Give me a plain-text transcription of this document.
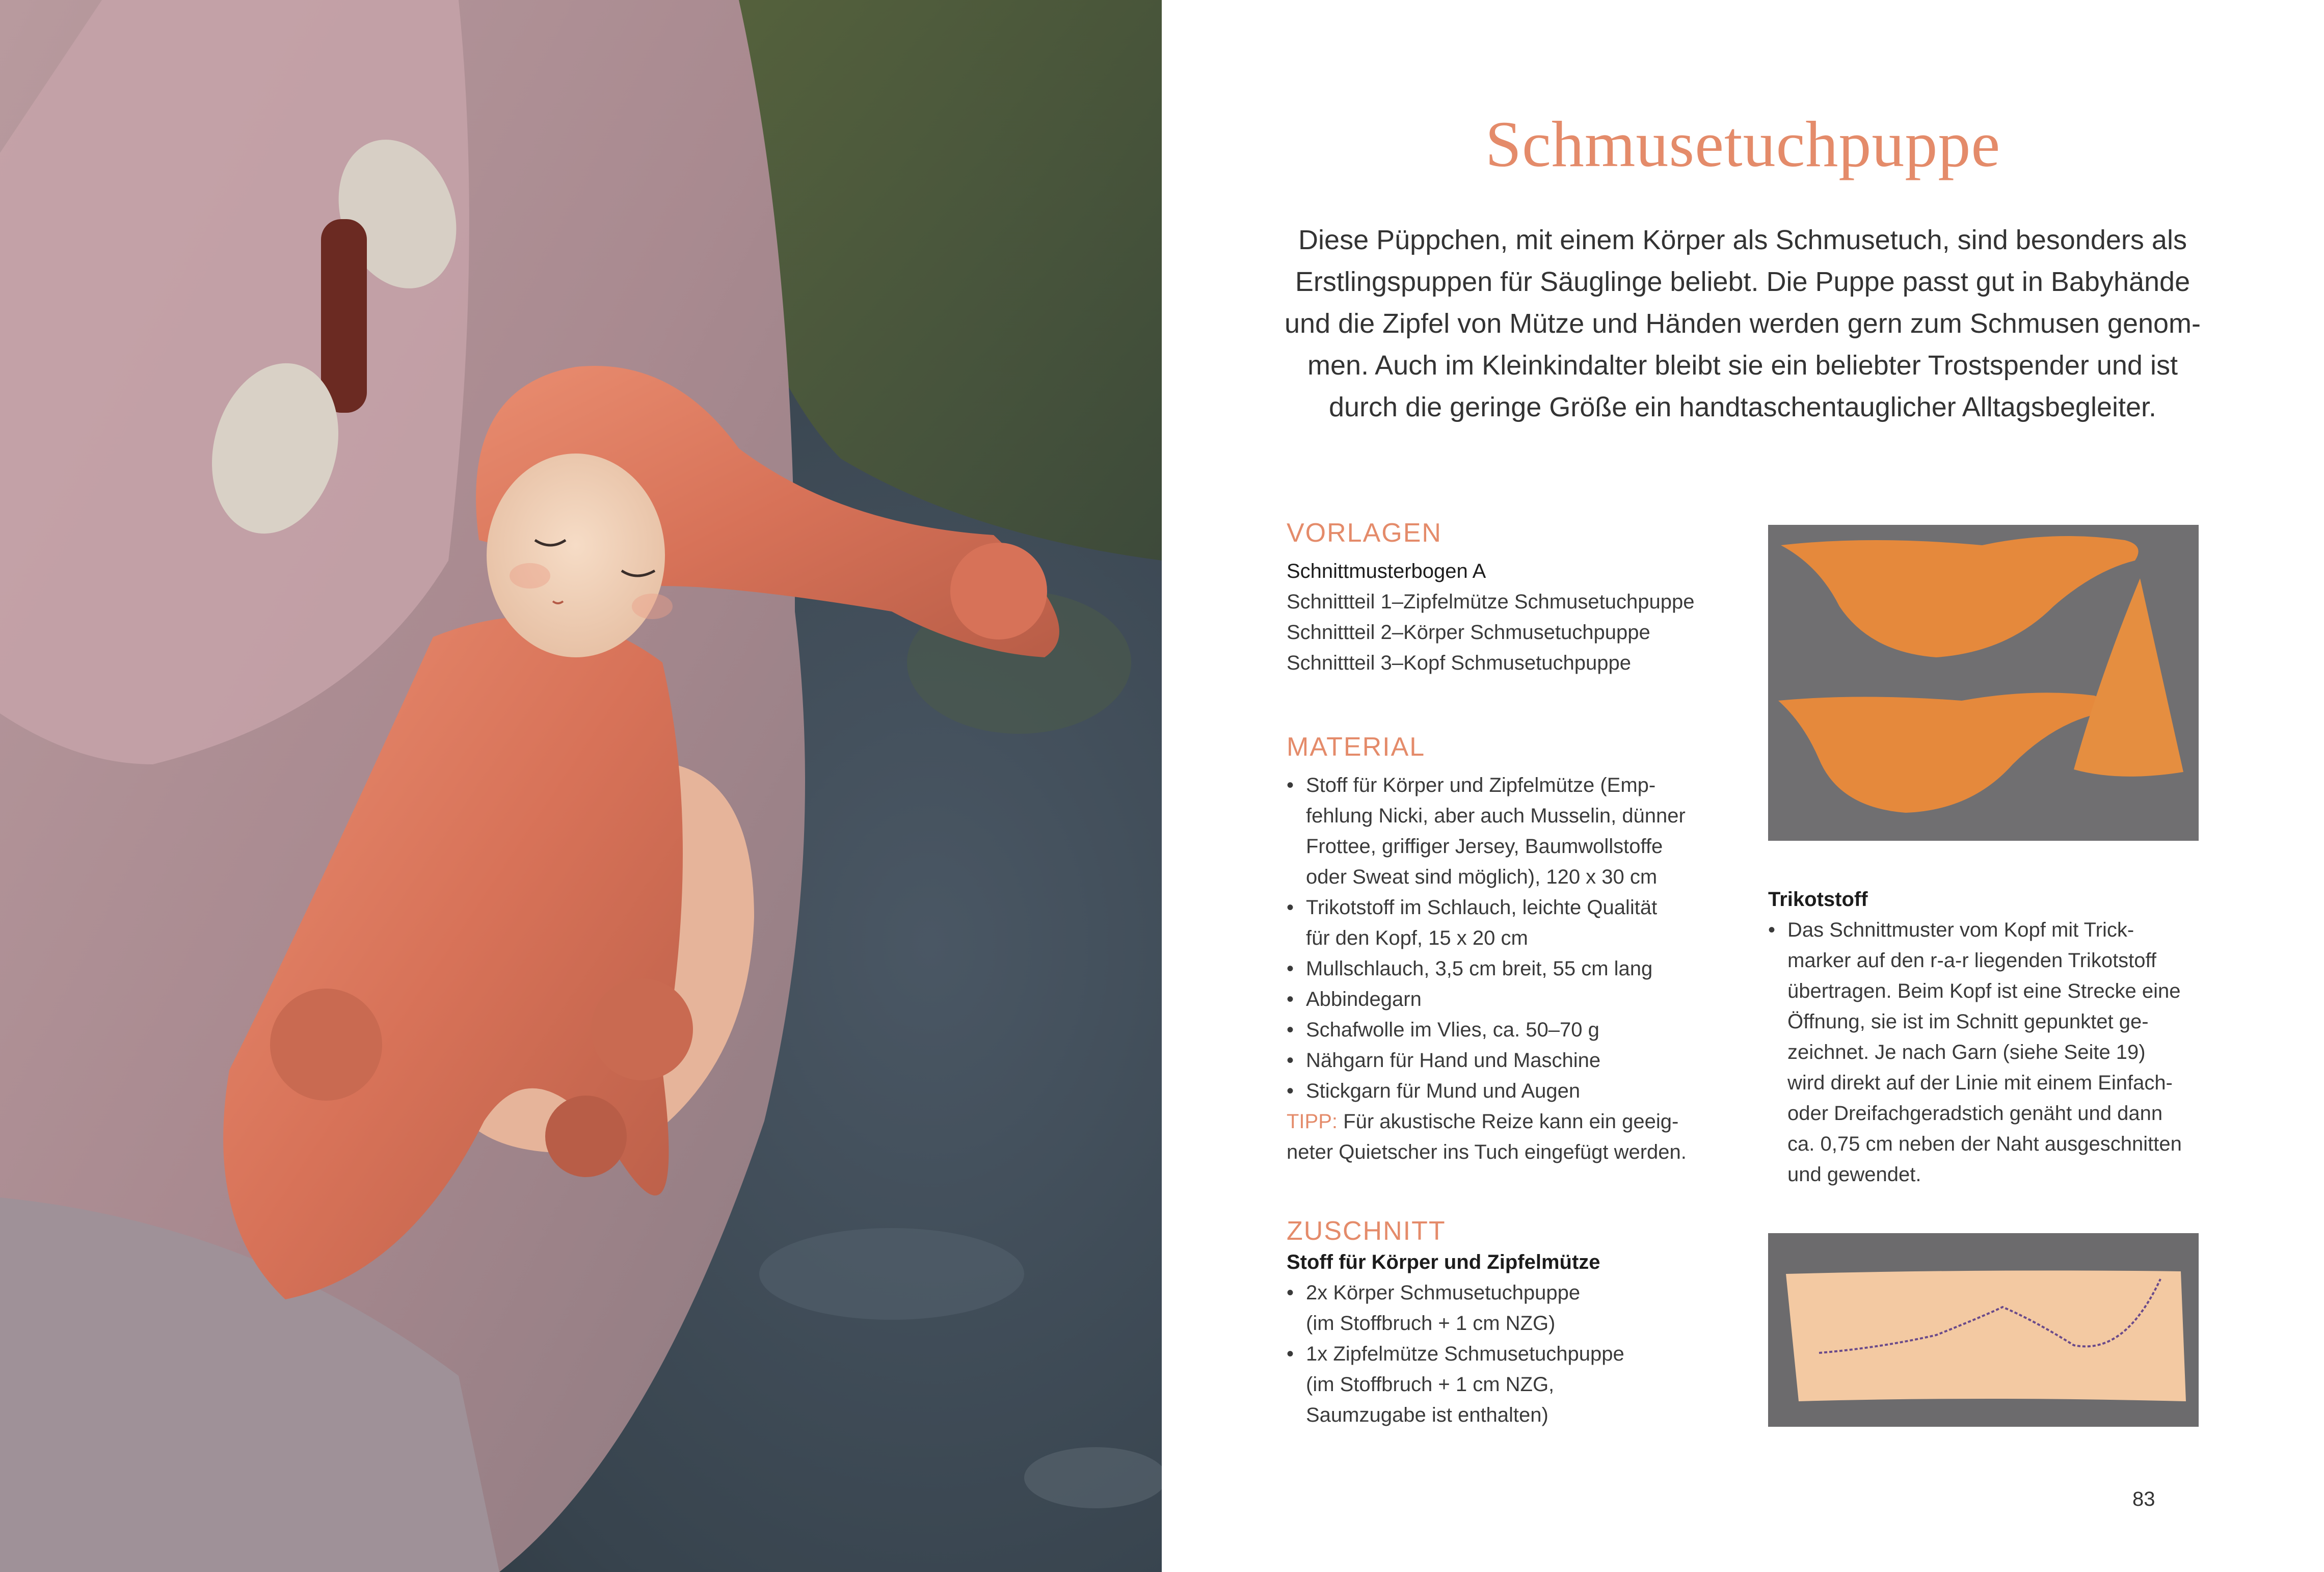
Schmusetuchpuppe
Diese Püppchen, mit einem Körper als Schmusetuch, sind besonders als
Erstlingspuppen für Säuglinge beliebt. Die Puppe passt gut in Babyhände
und die Zipfel von Mütze und Händen werden gern zum Schmusen genom-
men. Auch im Kleinkindalter bleibt sie ein beliebter Trostspender und ist
durch die geringe Größe ein handtaschentauglicher Alltagsbegleiter.
VORLAGEN
Schnittmusterbogen A
Schnittteil 1–Zipfelmütze Schmusetuchpuppe
Schnittteil 2–Körper Schmusetuchpuppe
Schnittteil 3–Kopf Schmusetuchpuppe
MATERIAL
• Stoff für Körper und Zipfelmütze (Emp-
fehlung Nicki, aber auch Musselin, dünner
Frottee, griffiger Jersey, Baumwollstoffe
oder Sweat sind möglich), 120 x 30 cm
• Trikotstoff im Schlauch, leichte Qualität
für den Kopf, 15 x 20 cm
• Mullschlauch, 3,5 cm breit, 55 cm lang
• Abbindegarn
• Schafwolle im Vlies, ca. 50–70 g
• Nähgarn für Hand und Maschine
• Stickgarn für Mund und Augen
TIPP: Für akustische Reize kann ein geeig-
neter Quietscher ins Tuch eingefügt werden.
ZUSCHNITT
Stoff für Körper und Zipfelmütze
• 2x Körper Schmusetuchpuppe
(im Stoffbruch + 1 cm NZG)
• 1x Zipfelmütze Schmusetuchpuppe
(im Stoffbruch + 1 cm NZG,
Saumzugabe ist enthalten)
Trikotstoff
• Das Schnittmuster vom Kopf mit Trick-
marker auf den r-a-r liegenden Trikotstoff
übertragen. Beim Kopf ist eine Strecke eine
Öffnung, sie ist im Schnitt gepunktet ge-
zeichnet. Je nach Garn (siehe Seite 19)
wird direkt auf der Linie mit einem Einfach-
oder Dreifachgeradstich genäht und dann
ca. 0,75 cm neben der Naht ausgeschnitten
und gewendet.
83
